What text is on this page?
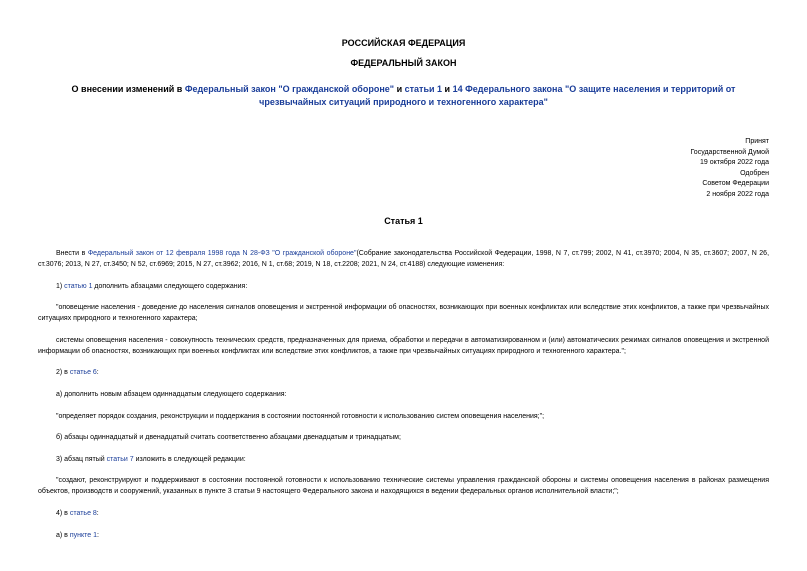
РОССИЙСКАЯ ФЕДЕРАЦИЯ
ФЕДЕРАЛЬНЫЙ ЗАКОН
О внесении изменений в Федеральный закон "О гражданской обороне" и статьи 1 и 14 Федерального закона "О защите населения и территорий от чрезвычайных ситуаций природного и техногенного характера"
Принят
Государственной Думой
19 октября 2022 года
Одобрен
Советом Федерации
2 ноября 2022 года
Статья 1

Внести в Федеральный закон от 12 февраля 1998 года N 28-ФЗ "О гражданской обороне"(Собрание законодательства Российской Федерации, 1998, N 7, ст.799; 2002, N 41, ст.3970; 2004, N 35, ст.3607; 2007, N 26, ст.3076; 2013, N 27, ст.3450; N 52, ст.6969; 2015, N 27, ст.3962; 2016, N 1, ст.68; 2019, N 18, ст.2208; 2021, N 24, ст.4188) следующие изменения:

1) статью 1 дополнить абзацами следующего содержания:

"оповещение населения - доведение до населения сигналов оповещения и экстренной информации об опасностях, возникающих при военных конфликтах или вследствие этих конфликтов, а также при чрезвычайных ситуациях природного и техногенного характера;

системы оповещения населения - совокупность технических средств, предназначенных для приема, обработки и передачи в автоматизированном и (или) автоматических режимах сигналов оповещения и экстренной информации об опасностях, возникающих при военных конфликтах или вследствие этих конфликтов, а также при чрезвычайных ситуациях природного и техногенного характера.";

2) в статье 6:

а) дополнить новым абзацем одиннадцатым следующего содержания:

"определяет порядок создания, реконструкции и поддержания в состоянии постоянной готовности к использованию систем оповещения населения;";

б) абзацы одиннадцатый и двенадцатый считать соответственно абзацами двенадцатым и тринадцатым;

3) абзац пятый статьи 7 изложить в следующей редакции:

"создают, реконструируют и поддерживают в состоянии постоянной готовности к использованию технические системы управления гражданской обороны и системы оповещения населения в районах размещения объектов, производств и сооружений, указанных в пункте 3 статьи 9 настоящего Федерального закона и находящихся в ведении федеральных органов исполнительной власти;";

4) в статье 8:

а) в пункте 1:
